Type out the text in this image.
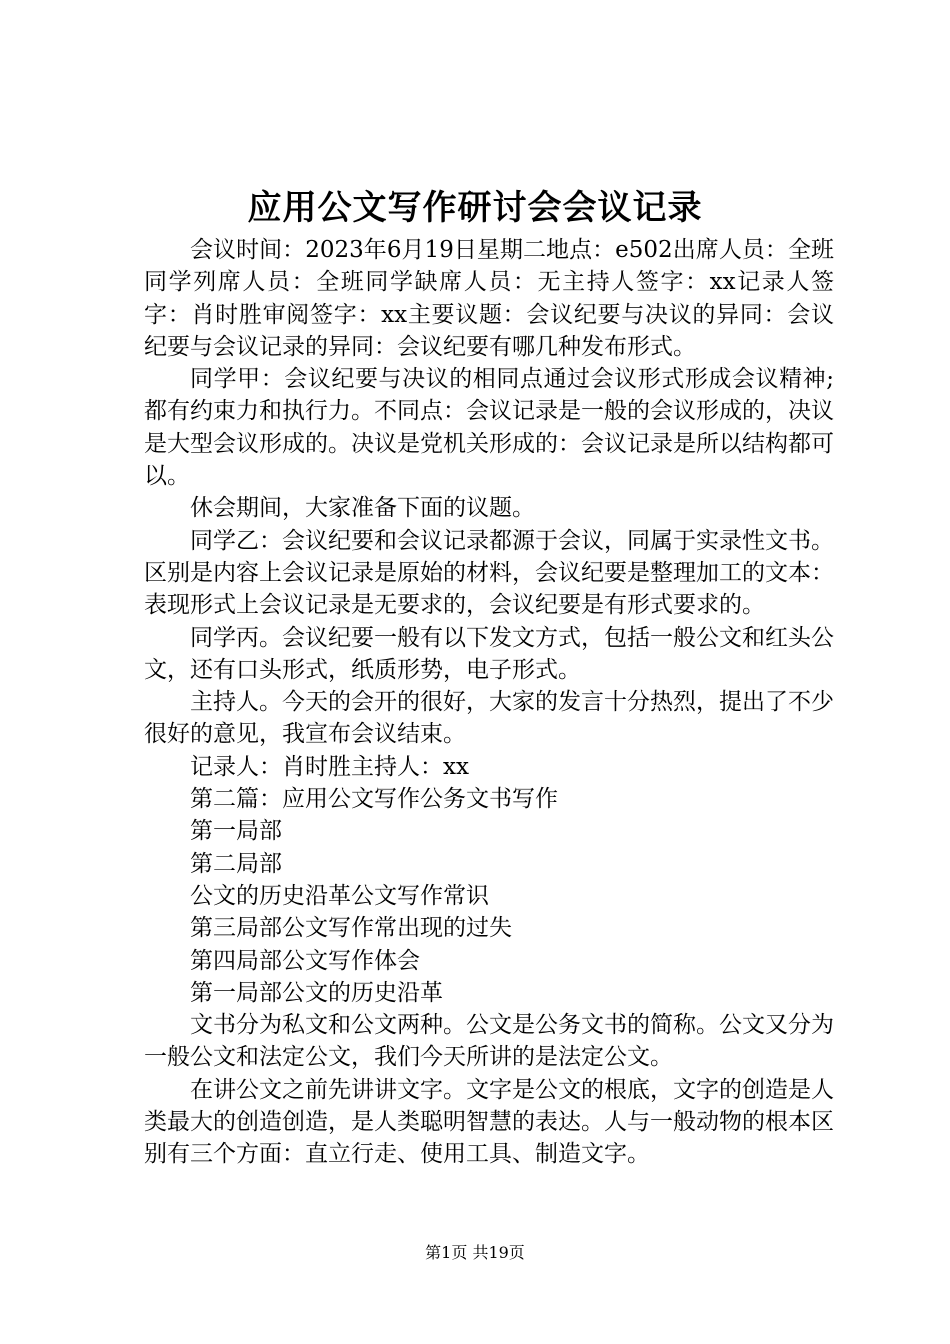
应用公文写作研讨会会议记录

会议时间：2023年6月19日星期二地点：e502出席人员：全班同学列席人员：全班同学缺席人员：无主持人签字：xx记录人签字：肖时胜审阅签字：xx主要议题：会议纪要与决议的异同：会议纪要与会议记录的异同：会议纪要有哪几种发布形式。

同学甲：会议纪要与决议的相同点通过会议形式形成会议精神;都有约束力和执行力。不同点：会议记录是一般的会议形成的，决议是大型会议形成的。决议是党机关形成的：会议记录是所以结构都可以。

休会期间，大家准备下面的议题。

同学乙：会议纪要和会议记录都源于会议，同属于实录性文书。区别是内容上会议记录是原始的材料，会议纪要是整理加工的文本：表现形式上会议记录是无要求的，会议纪要是有形式要求的。

同学丙。会议纪要一般有以下发文方式，包括一般公文和红头公文，还有口头形式，纸质形势，电子形式。

主持人。今天的会开的很好，大家的发言十分热烈，提出了不少很好的意见，我宣布会议结束。

记录人：肖时胜主持人：xx

第二篇：应用公文写作公务文书写作

第一局部

第二局部

公文的历史沿革公文写作常识

第三局部公文写作常出现的过失

第四局部公文写作体会

第一局部公文的历史沿革

文书分为私文和公文两种。公文是公务文书的简称。公文又分为一般公文和法定公文，我们今天所讲的是法定公文。

在讲公文之前先讲讲文字。文字是公文的根底，文字的创造是人类最大的创造创造，是人类聪明智慧的表达。人与一般动物的根本区别有三个方面：直立行走、使用工具、制造文字。

第1页 共19页
